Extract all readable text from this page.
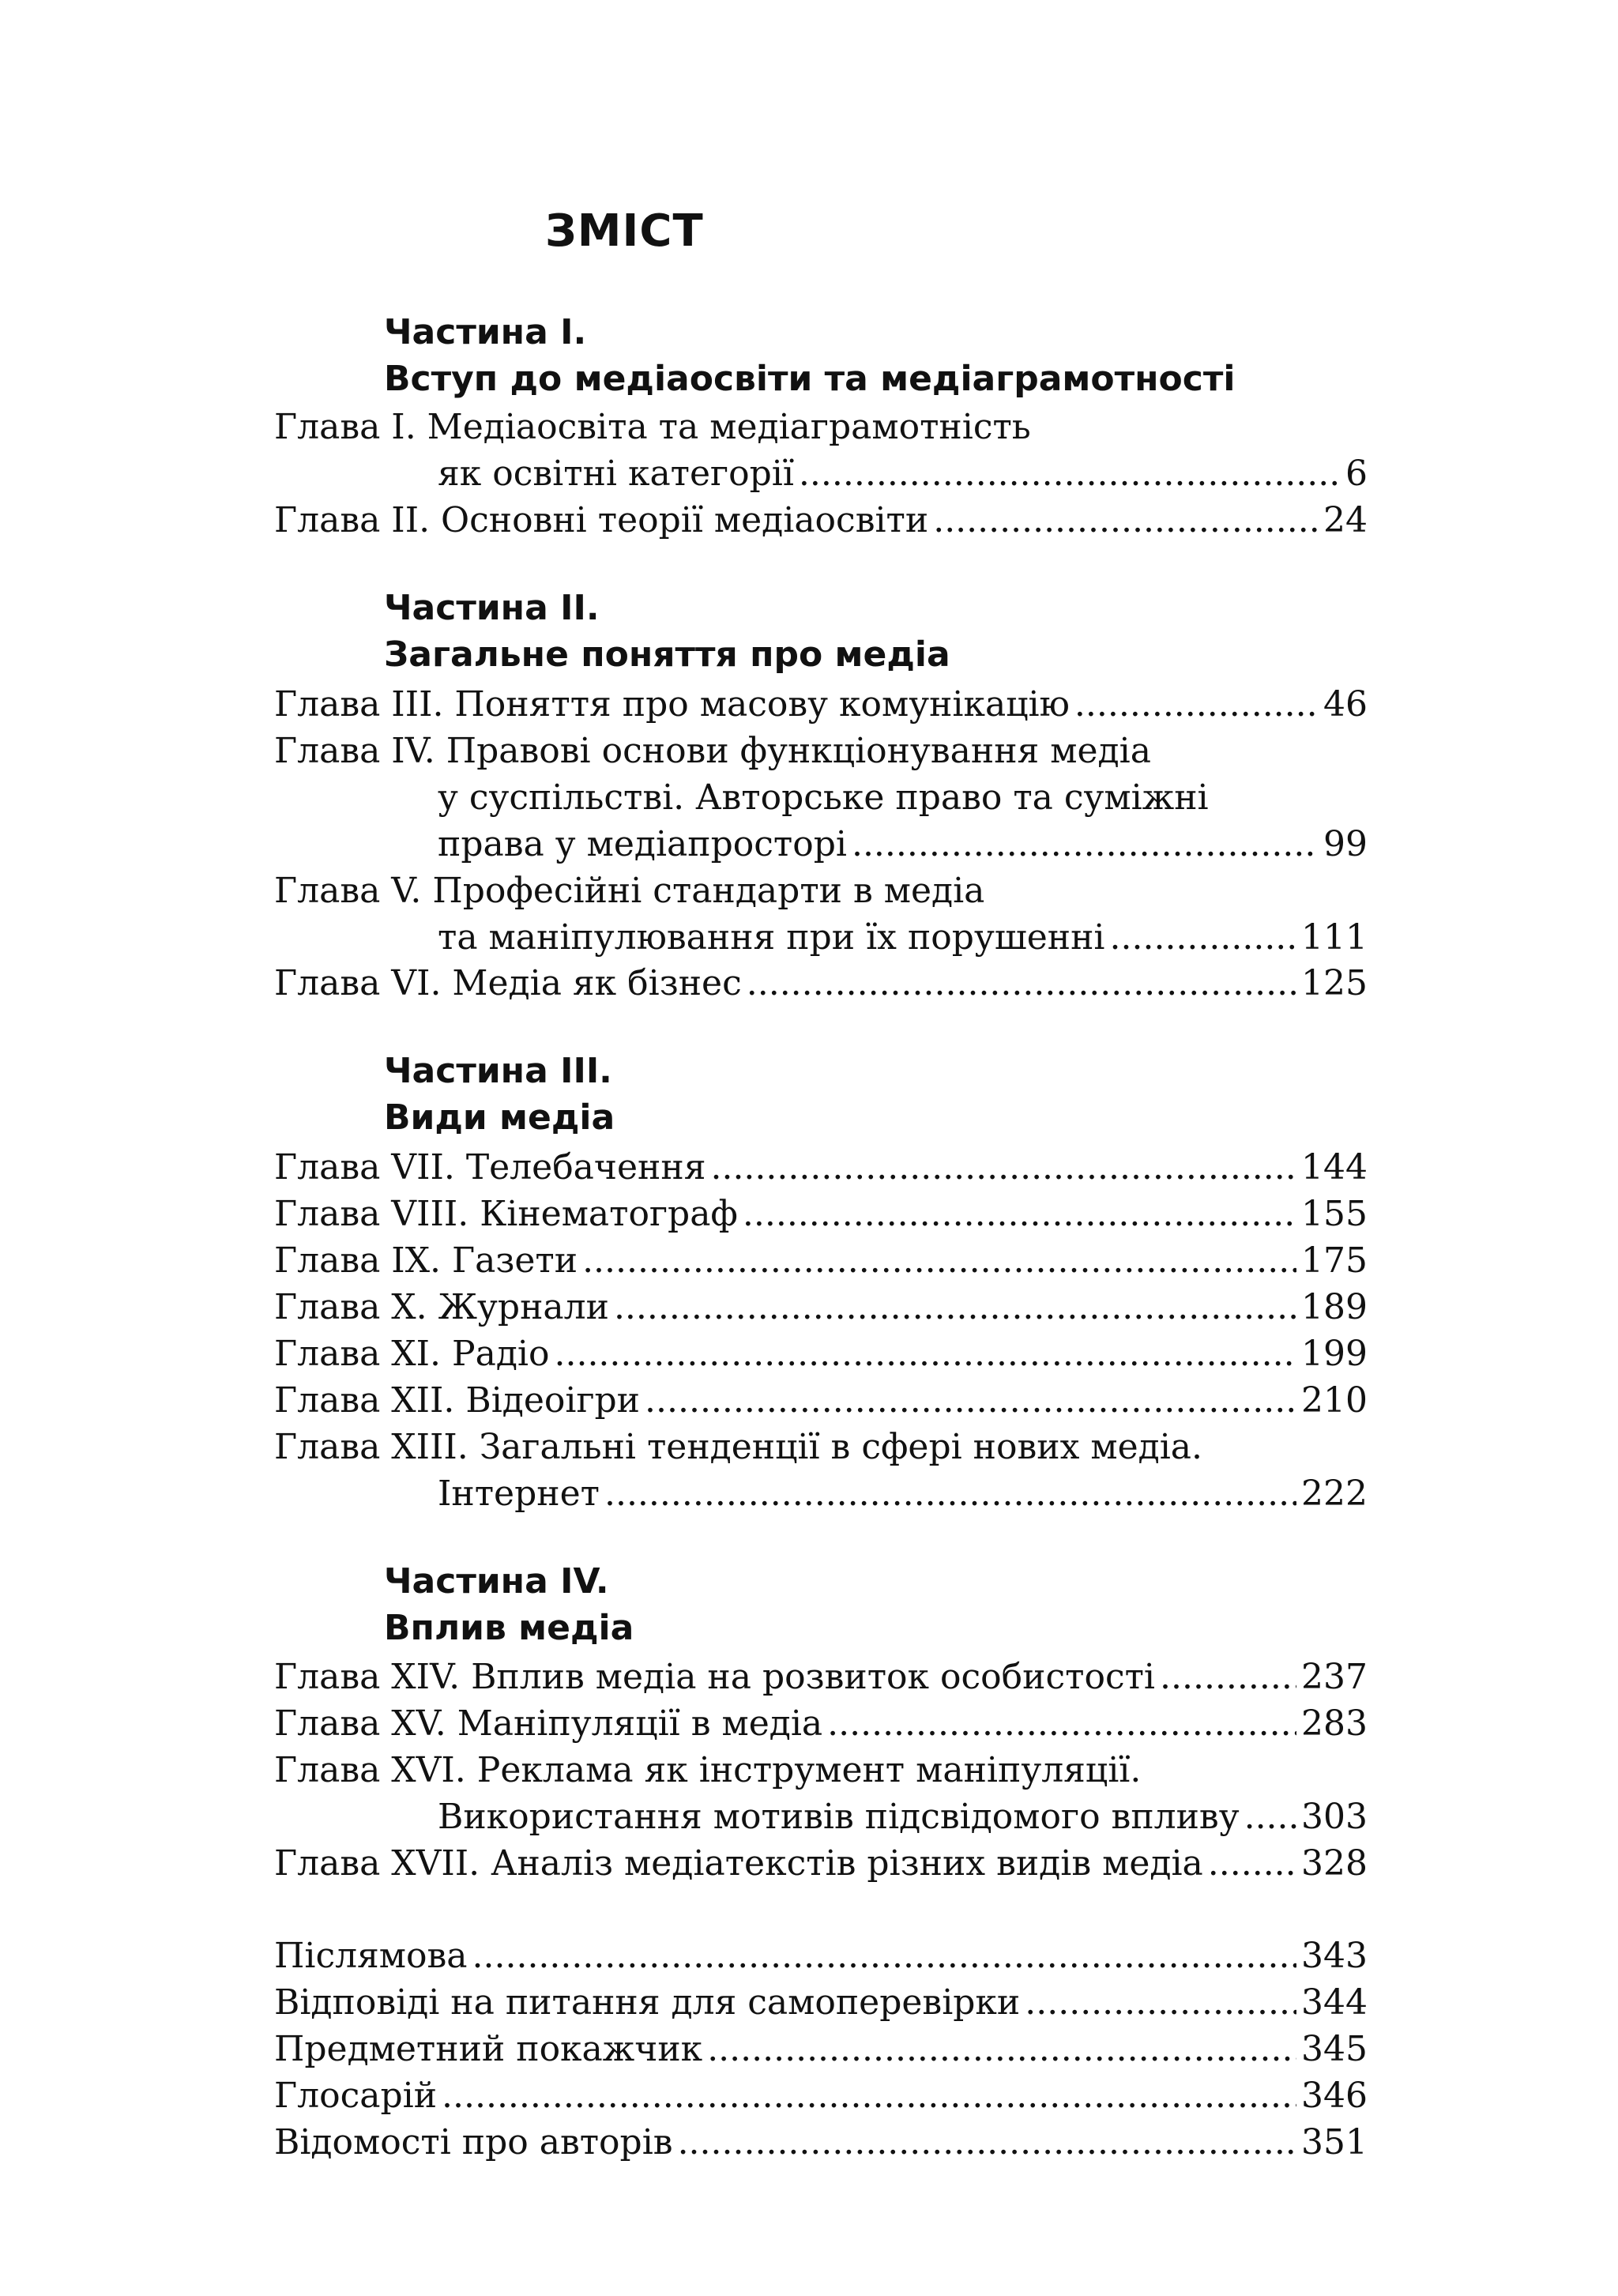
ЗМІСТ
Частина I.
Вступ до медіаосвіти та медіаграмотності
Глава І. Медіаосвіта та медіаграмотність
як освітні категорії .....	6
Глава ІІ. Основні теорії медіаосвіти .....	24
Частина II.
Загальне поняття про медіа
Глава ІІІ. Поняття про масову комунікацію .....	46
Глава IV. Правові основи функціонування медіа
у суспільстві. Авторське право та суміжні
права у медіапросторі .....	99
Глава V. Професійні стандарти в медіа
та маніпулювання при їх порушенні .....	111
Глава VI. Медіа як бізнес .....	125
Частина III.
Види медіа
Глава VII. Телебачення .....	144
Глава VIII. Кінематограф .....	155
Глава IX. Газети .....	175
Глава X. Журнали .....	189
Глава XI. Радіо .....	199
Глава XII. Відеоігри .....	210
Глава XIII. Загальні тенденції в сфері нових медіа.
Інтернет .....	222
Частина IV.
Вплив медіа
Глава XIV. Вплив медіа на розвиток особистості .....	237
Глава XV. Маніпуляції в медіа .....	283
Глава XVI. Реклама як інструмент маніпуляції.
Використання мотивів підсвідомого впливу ..... 303
Глава XVII. Аналіз медіатекстів різних видів медіа .....	328
Післямова .....	343
Відповіді на питання для самоперевірки .....	344
Предметний покажчик .....	345
Глосарій .....	346
Відомості про авторів .....	351
